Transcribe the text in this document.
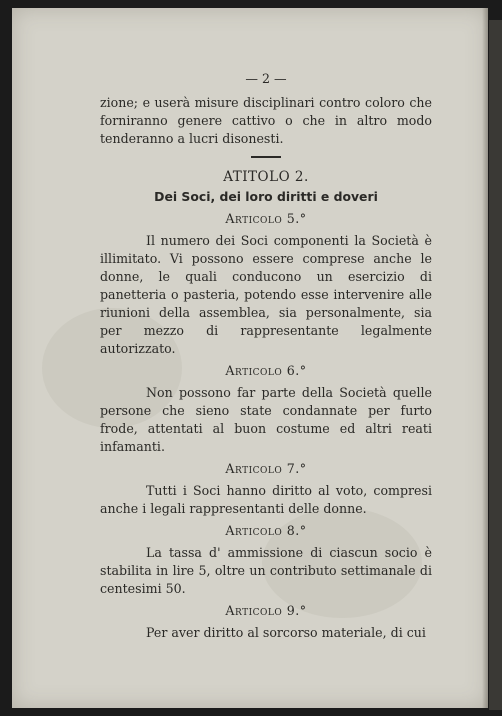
— 2 —

zione; e userà misure disciplinari contro coloro che forniranno genere cattivo o che in altro modo tenderanno a lucri disonesti.

ATITOLO 2.
Dei Soci, dei loro diritti e doveri
Articolo 5.°

Il numero dei Soci componenti la Società è illimitato. Vi possono essere comprese anche le donne, le quali conducono un esercizio di panetteria o pasteria, potendo esse intervenire alle riunioni della assemblea, sia personalmente, sia per mezzo di rappresentante legalmente autorizzato.

Articolo 6.°

Non possono far parte della Società quelle persone che sieno state condannate per furto frode, attentati al buon costume ed altri reati infamanti.

Articolo 7.°

Tutti i Soci hanno diritto al voto, compresi anche i legali rappresentanti delle donne.

Articolo 8.°

La tassa d' ammissione di ciascun socio è stabilita in lire 5, oltre un contributo settimanale di centesimi 50.

Articolo 9.°

Per aver diritto al sorcorso materiale, di cui
